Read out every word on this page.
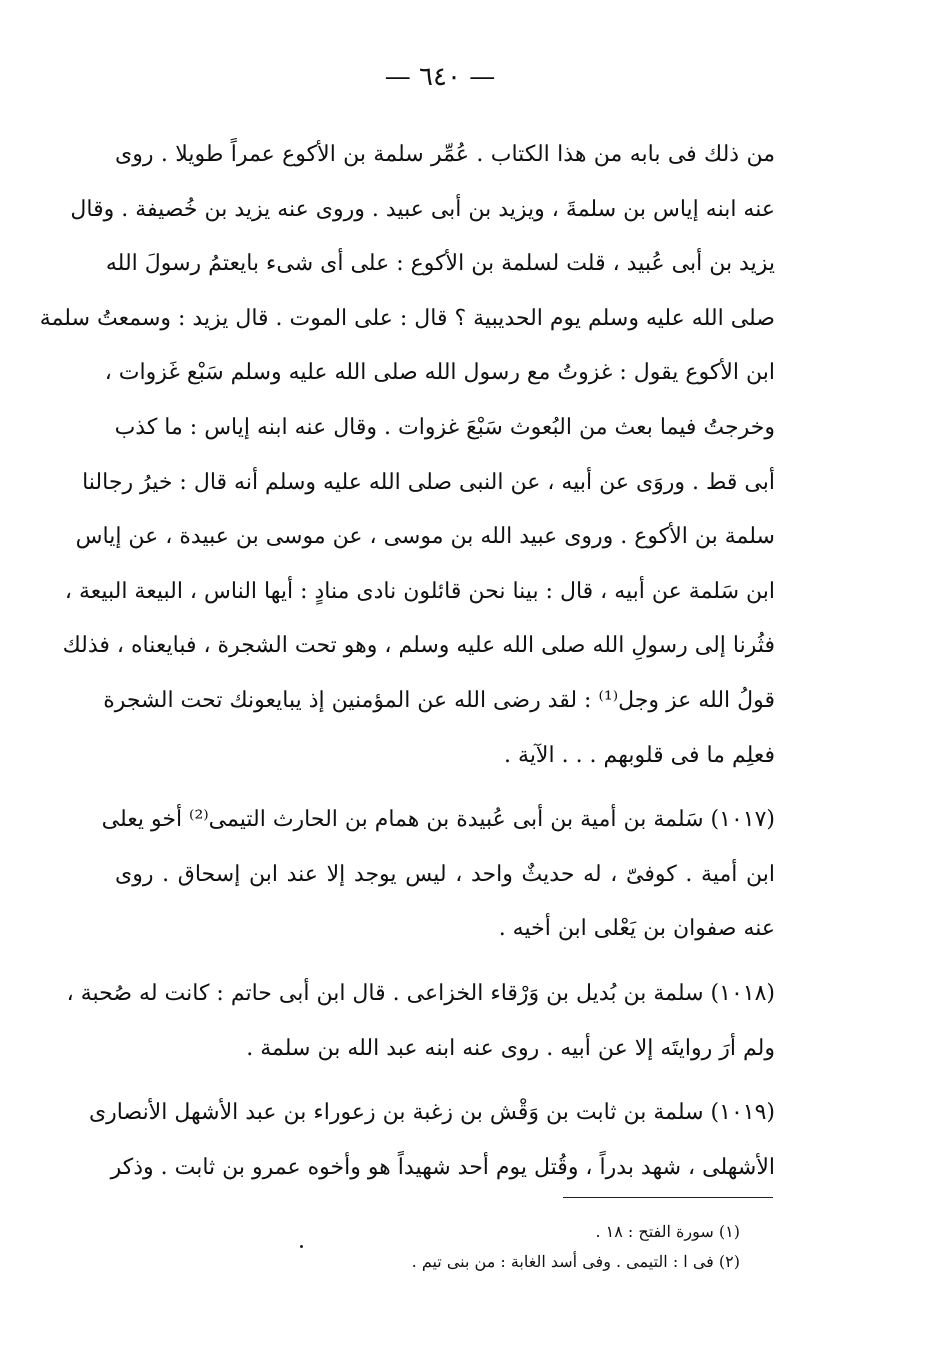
— ٦٤٠ —
من ذلك فى بابه من هذا الكتاب . عُمِّر سلمة بن الأكوع عمراً طويلا . روى
عنه ابنه إياس بن سلمةَ ، ويزيد بن أبى عبيد . وروى عنه يزيد بن خُصيفة . وقال
يزيد بن أبى عُبيد ، قلت لسلمة بن الأكوع : على أى شىء بايعتمُ رسولَ الله
صلى الله عليه وسلم يوم الحديبية ؟ قال : على الموت . قال يزيد : وسمعتُ سلمة
ابن الأكوع يقول : غزوتُ مع رسول الله صلى الله عليه وسلم سَبْع غَزوات ،
وخرجتُ فيما بعث من البُعوث سَبْعَ غزوات . وقال عنه ابنه إياس : ما كذب
أبى قط . وروَى عن أبيه ، عن النبى صلى الله عليه وسلم أنه قال : خيرُ رجالنا
سلمة بن الأكوع . وروى عبيد الله بن موسى ، عن موسى بن عبيدة ، عن إياس
ابن سَلمة عن أبيه ، قال : بينا نحن قائلون نادى منادٍ : أيها الناس ، البيعة البيعة ،
فثُرنا إلى رسولِ الله صلى الله عليه وسلم ، وهو تحت الشجرة ، فبايعناه ، فذلك
قولُ الله عز وجل⁽¹⁾ : لقد رضى الله عن المؤمنين إذ يبايعونك تحت الشجرة
فعلِم ما فى قلوبهم . . . الآية .
(١٠١٧) سَلمة بن أمية بن أبى عُبيدة بن همام بن الحارث التيمى⁽²⁾ أخو يعلى
ابن أمية . كوفىّ ، له حديثٌ واحد ، ليس يوجد إلا عند ابن إسحاق . روى
عنه صفوان بن يَعْلى ابن أخيه .
(١٠١٨) سلمة بن بُديل بن وَرْقاء الخزاعى . قال ابن أبى حاتم : كانت له صُحبة ،
ولم أرَ روايتَه إلا عن أبيه . روى عنه ابنه عبد الله بن سلمة .
(١٠١٩) سلمة بن ثابت بن وَقْش بن زغبة بن زعوراء بن عبد الأشهل الأنصارى
الأشهلى ، شهد بدراً ، وقُتل يوم أحد شهيداً هو وأخوه عمرو بن ثابت . وذكر
(١) سورة الفتح : ١٨ .
(٢) فى ا : التيمى . وفى أسد الغابة : من بنى تيم .
